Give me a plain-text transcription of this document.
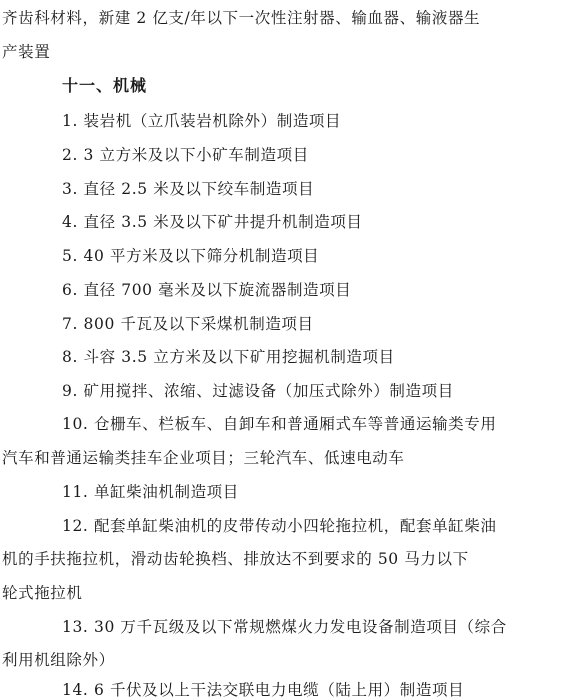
齐齿科材料，新建 2 亿支/年以下一次性注射器、输血器、输液器生
产装置
十一、机械
1. 装岩机（立爪装岩机除外）制造项目
2. 3 立方米及以下小矿车制造项目
3. 直径 2.5 米及以下绞车制造项目
4. 直径 3.5 米及以下矿井提升机制造项目
5. 40 平方米及以下筛分机制造项目
6. 直径 700 毫米及以下旋流器制造项目
7. 800 千瓦及以下采煤机制造项目
8. 斗容 3.5 立方米及以下矿用挖掘机制造项目
9. 矿用搅拌、浓缩、过滤设备（加压式除外）制造项目
10. 仓栅车、栏板车、自卸车和普通厢式车等普通运输类专用
汽车和普通运输类挂车企业项目；三轮汽车、低速电动车
11. 单缸柴油机制造项目
12. 配套单缸柴油机的皮带传动小四轮拖拉机，配套单缸柴油
机的手扶拖拉机，滑动齿轮换档、排放达不到要求的 50 马力以下
轮式拖拉机
13. 30 万千瓦级及以下常规燃煤火力发电设备制造项目（综合
利用机组除外）
14. 6 千伏及以上干法交联电力电缆（陆上用）制造项目
